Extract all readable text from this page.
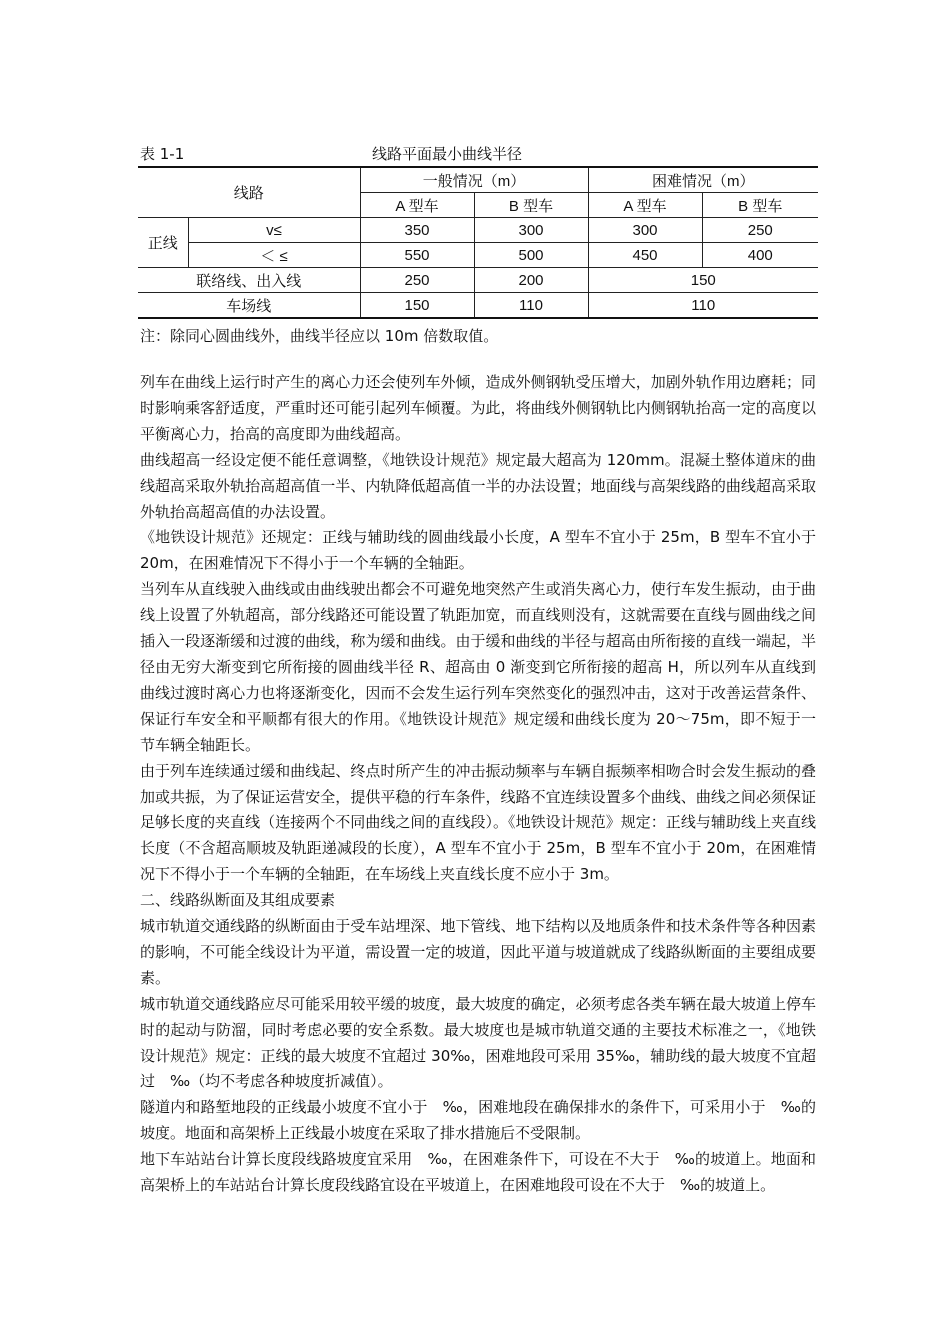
表 1-1	线路平面最小曲线半径
线路		一般情况（m）		困难情况（m）	
		A 型车	B 型车	A 型车	B 型车
正线	v≤	350	300	300	250
	＜ ≤	550	500	450	400
联络线、出入线		250	200	150	
车场线		150	110	110	
注：除同心圆曲线外，曲线半径应以 10m 倍数取值。

列车在曲线上运行时产生的离心力还会使列车外倾，造成外侧钢轨受压增大，加剧外轨作用边磨耗；同时影响乘客舒适度，严重时还可能引起列车倾覆。为此，将曲线外侧钢轨比内侧钢轨抬高一定的高度以平衡离心力，抬高的高度即为曲线超高。

曲线超高一经设定便不能任意调整，《地铁设计规范》规定最大超高为 120mm。混凝土整体道床的曲线超高采取外轨抬高超高值一半、内轨降低超高值一半的办法设置；地面线与高架线路的曲线超高采取外轨抬高超高值的办法设置。

《地铁设计规范》还规定：正线与辅助线的圆曲线最小长度，A 型车不宜小于 25m，B 型车不宜小于 20m，在困难情况下不得小于一个车辆的全轴距。

当列车从直线驶入曲线或由曲线驶出都会不可避免地突然产生或消失离心力，使行车发生振动，由于曲线上设置了外轨超高，部分线路还可能设置了轨距加宽，而直线则没有，这就需要在直线与圆曲线之间插入一段逐渐缓和过渡的曲线，称为缓和曲线。由于缓和曲线的半径与超高由所衔接的直线一端起，半径由无穷大渐变到它所衔接的圆曲线半径 R、超高由 0 渐变到它所衔接的超高 H，所以列车从直线到曲线过渡时离心力也将逐渐变化，因而不会发生运行列车突然变化的强烈冲击，这对于改善运营条件、保证行车安全和平顺都有很大的作用。《地铁设计规范》规定缓和曲线长度为 20～75m，即不短于一节车辆全轴距长。

由于列车连续通过缓和曲线起、终点时所产生的冲击振动频率与车辆自振频率相吻合时会发生振动的叠加或共振，为了保证运营安全，提供平稳的行车条件，线路不宜连续设置多个曲线、曲线之间必须保证足够长度的夹直线（连接两个不同曲线之间的直线段）。《地铁设计规范》规定：正线与辅助线上夹直线长度（不含超高顺坡及轨距递减段的长度），A 型车不宜小于 25m，B 型车不宜小于 20m，在困难情况下不得小于一个车辆的全轴距，在车场线上夹直线长度不应小于 3m。

二、线路纵断面及其组成要素

城市轨道交通线路的纵断面由于受车站埋深、地下管线、地下结构以及地质条件和技术条件等各种因素的影响，不可能全线设计为平道，需设置一定的坡道，因此平道与坡道就成了线路纵断面的主要组成要素。

城市轨道交通线路应尽可能采用较平缓的坡度，最大坡度的确定，必须考虑各类车辆在最大坡道上停车时的起动与防溜，同时考虑必要的安全系数。最大坡度也是城市轨道交通的主要技术标准之一，《地铁设计规范》规定：正线的最大坡度不宜超过 30‰，困难地段可采用 35‰，辅助线的最大坡度不宜超过　‰（均不考虑各种坡度折减值）。

隧道内和路堑地段的正线最小坡度不宜小于　‰，困难地段在确保排水的条件下，可采用小于　‰的坡度。地面和高架桥上正线最小坡度在采取了排水措施后不受限制。

地下车站站台计算长度段线路坡度宜采用　‰，在困难条件下，可设在不大于　‰的坡道上。地面和高架桥上的车站站台计算长度段线路宜设在平坡道上，在困难地段可设在不大于　‰的坡道上。
